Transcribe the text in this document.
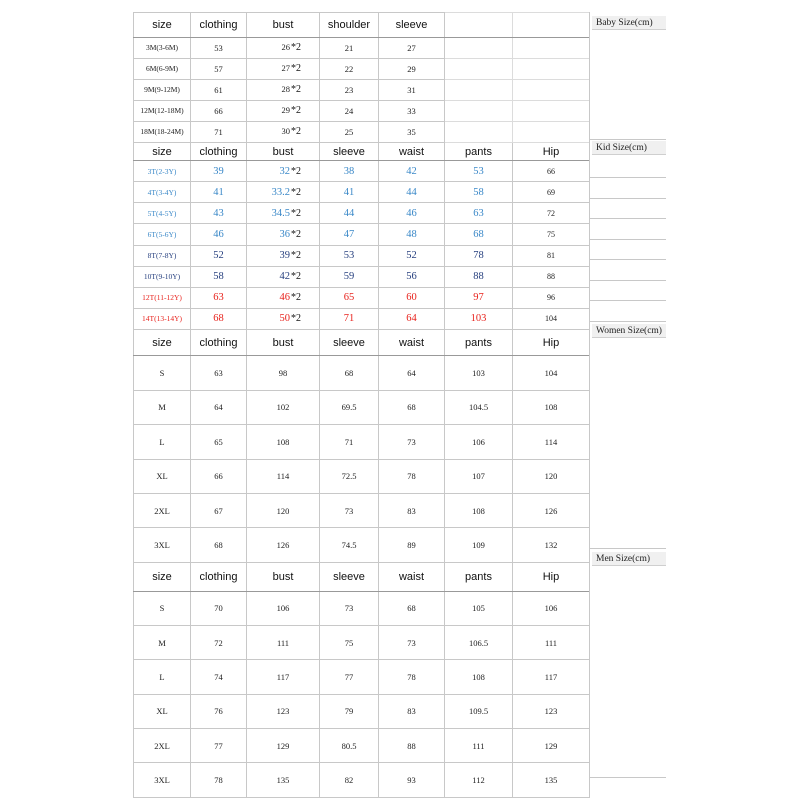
size	clothing	bust	shoulder	sleeve		
3M(3-6M)	53	26*2	21	27		
6M(6-9M)	57	27*2	22	29		
9M(9-12M)	61	28*2	23	31		
12M(12-18M)	66	29*2	24	33		
18M(18-24M)	71	30*2	25	35		
size	clothing	bust	sleeve	waist	pants	Hip
3T(2-3Y)	39	32*2	38	42	53	66
4T(3-4Y)	41	33.2*2	41	44	58	69
5T(4-5Y)	43	34.5*2	44	46	63	72
6T(5-6Y)	46	36*2	47	48	68	75
8T(7-8Y)	52	39*2	53	52	78	81
10T(9-10Y)	58	42*2	59	56	88	88
12T(11-12Y)	63	46*2	65	60	97	96
14T(13-14Y)	68	50*2	71	64	103	104
size	clothing	bust	sleeve	waist	pants	Hip
S	63	98	68	64	103	104
M	64	102	69.5	68	104.5	108
L	65	108	71	73	106	114
XL	66	114	72.5	78	107	120
2XL	67	120	73	83	108	126
3XL	68	126	74.5	89	109	132
size	clothing	bust	sleeve	waist	pants	Hip
S	70	106	73	68	105	106
M	72	111	75	73	106.5	111
L	74	117	77	78	108	117
XL	76	123	79	83	109.5	123
2XL	77	129	80.5	88	111	129
3XL	78	135	82	93	112	135
Baby Size(cm)
Kid Size(cm)
Women Size(cm)
Men Size(cm)
